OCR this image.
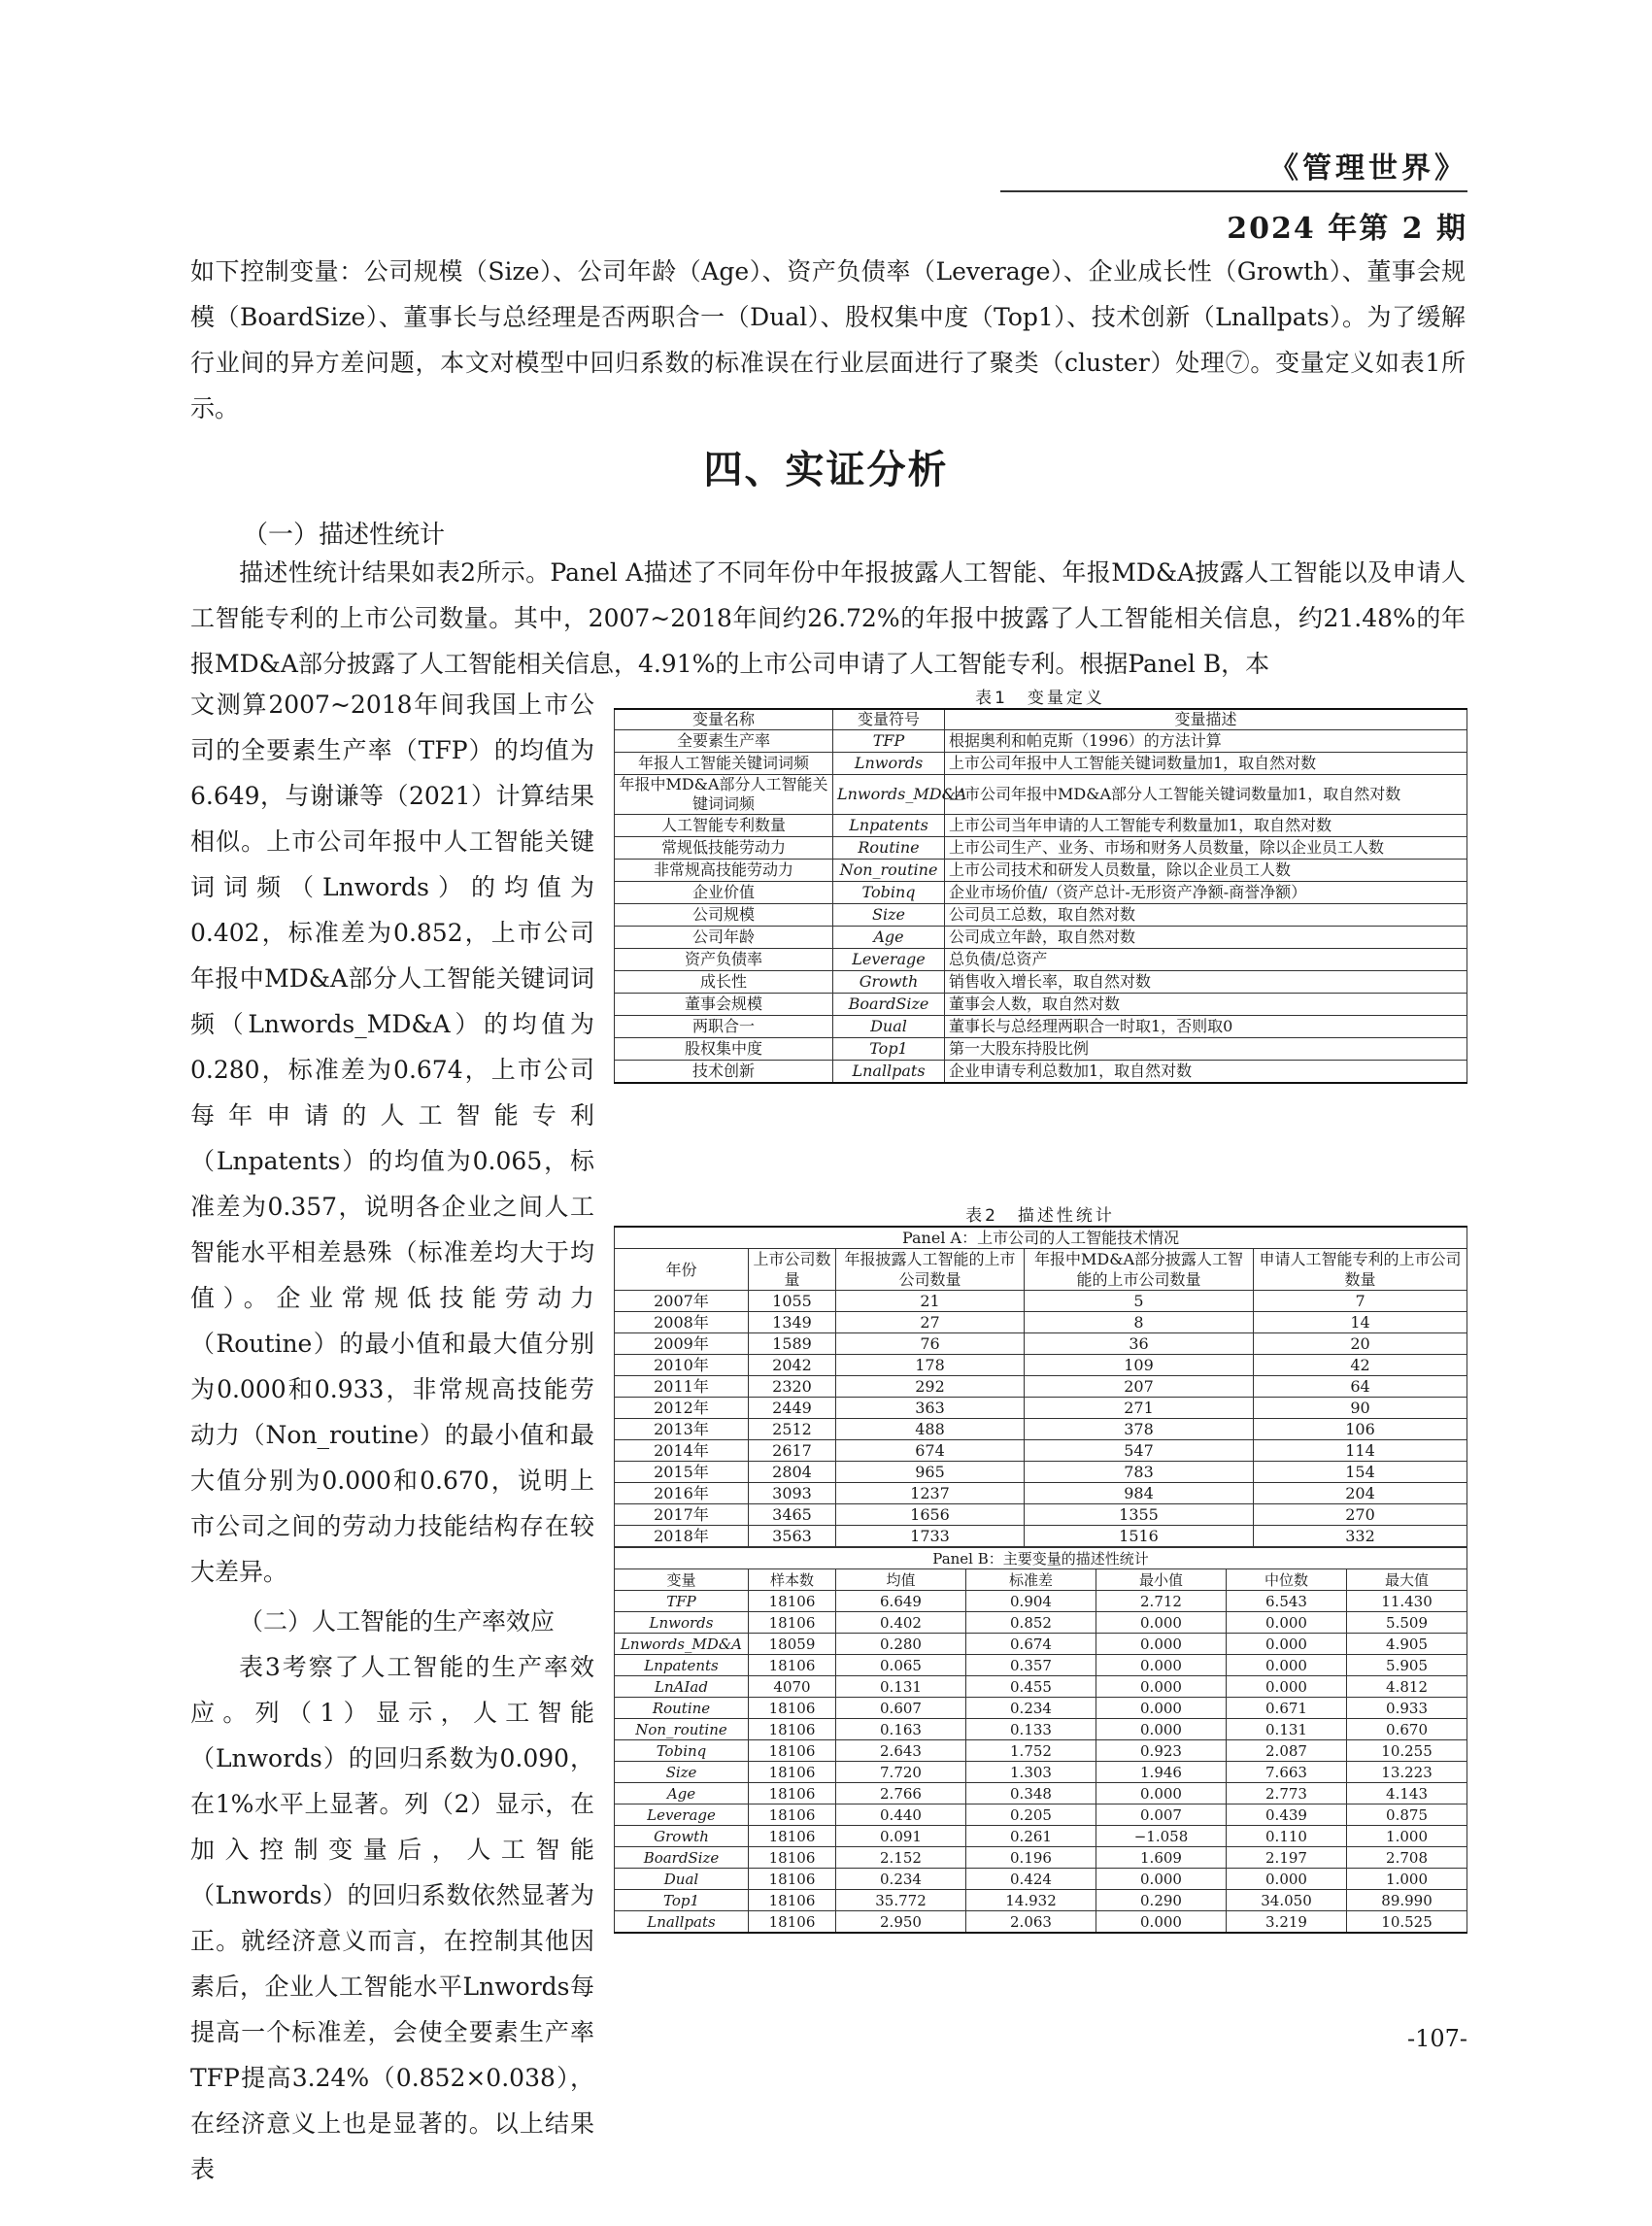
《管理世界》
2024 年第 2 期

如下控制变量：公司规模（Size）、公司年龄（Age）、资产负债率（Leverage）、企业成长性（Growth）、董事会规模（BoardSize）、董事长与总经理是否两职合一（Dual）、股权集中度（Top1）、技术创新（Lnallpats）。为了缓解行业间的异方差问题，本文对模型中回归系数的标准误在行业层面进行了聚类（cluster）处理⑦。变量定义如表1所示。

四、实证分析
（一）描述性统计

描述性统计结果如表2所示。Panel A描述了不同年份中年报披露人工智能、年报MD&A披露人工智能以及申请人工智能专利的上市公司数量。其中，2007~2018年间约26.72%的年报中披露了人工智能相关信息，约21.48%的年报MD&A部分披露了人工智能相关信息，4.91%的上市公司申请了人工智能专利。根据Panel B，本

文测算2007~2018年间我国上市公司的全要素生产率（TFP）的均值为6.649，与谢谦等（2021）计算结果相似。上市公司年报中人工智能关键词词频（Lnwords）的均值为0.402，标准差为0.852，上市公司年报中MD&A部分人工智能关键词词频（Lnwords_MD&A）的均值为0.280，标准差为0.674，上市公司每年申请的人工智能专利（Lnpatents）的均值为0.065，标准差为0.357，说明各企业之间人工智能水平相差悬殊（标准差均大于均值）。企业常规低技能劳动力（Routine）的最小值和最大值分别为0.000和0.933，非常规高技能劳动力（Non_routine）的最小值和最大值分别为0.000和0.670，说明上市公司之间的劳动力技能结构存在较大差异。

（二）人工智能的生产率效应

表3考察了人工智能的生产率效应。列（1）显示，人工智能（Lnwords）的回归系数为0.090，在1%水平上显著。列（2）显示，在加入控制变量后，人工智能（Lnwords）的回归系数依然显著为正。就经济意义而言，在控制其他因素后，企业人工智能水平Lnwords每提高一个标准差，会使全要素生产率TFP提高3.24%（0.852×0.038），在经济意义上也是显著的。以上结果表

表1　变量定义
变量名称	变量符号	变量描述
全要素生产率	TFP	根据奥利和帕克斯（1996）的方法计算
年报人工智能关键词词频	Lnwords	上市公司年报中人工智能关键词数量加1，取自然对数
年报中MD&A部分人工智能关键词词频	Lnwords_MD&A	上市公司年报中MD&A部分人工智能关键词数量加1，取自然对数
人工智能专利数量	Lnpatents	上市公司当年申请的人工智能专利数量加1，取自然对数
常规低技能劳动力	Routine	上市公司生产、业务、市场和财务人员数量，除以企业员工人数
非常规高技能劳动力	Non_routine	上市公司技术和研发人员数量，除以企业员工人数
企业价值	Tobinq	企业市场价值/（资产总计-无形资产净额-商誉净额）
公司规模	Size	公司员工总数，取自然对数
公司年龄	Age	公司成立年龄，取自然对数
资产负债率	Leverage	总负债/总资产
成长性	Growth	销售收入增长率，取自然对数
董事会规模	BoardSize	董事会人数，取自然对数
两职合一	Dual	董事长与总经理两职合一时取1，否则取0
股权集中度	Top1	第一大股东持股比例
技术创新	Lnallpats	企业申请专利总数加1，取自然对数
表2　描述性统计
Panel A：上市公司的人工智能技术情况				
年份	上市公司数量	年报披露人工智能的上市公司数量	年报中MD&A部分披露人工智能的上市公司数量	申请人工智能专利的上市公司数量
2007年	1055	21	5	7
2008年	1349	27	8	14
2009年	1589	76	36	20
2010年	2042	178	109	42
2011年	2320	292	207	64
2012年	2449	363	271	90
2013年	2512	488	378	106
2014年	2617	674	547	114
2015年	2804	965	783	154
2016年	3093	1237	984	204
2017年	3465	1656	1355	270
2018年	3563	1733	1516	332
Panel B：主要变量的描述性统计						
变量	样本数	均值	标准差	最小值	中位数	最大值
TFP	18106	6.649	0.904	2.712	6.543	11.430
Lnwords	18106	0.402	0.852	0.000	0.000	5.509
Lnwords_MD&A	18059	0.280	0.674	0.000	0.000	4.905
Lnpatents	18106	0.065	0.357	0.000	0.000	5.905
LnAIad	4070	0.131	0.455	0.000	0.000	4.812
Routine	18106	0.607	0.234	0.000	0.671	0.933
Non_routine	18106	0.163	0.133	0.000	0.131	0.670
Tobinq	18106	2.643	1.752	0.923	2.087	10.255
Size	18106	7.720	1.303	1.946	7.663	13.223
Age	18106	2.766	0.348	0.000	2.773	4.143
Leverage	18106	0.440	0.205	0.007	0.439	0.875
Growth	18106	0.091	0.261	−1.058	0.110	1.000
BoardSize	18106	2.152	0.196	1.609	2.197	2.708
Dual	18106	0.234	0.424	0.000	0.000	1.000
Top1	18106	35.772	14.932	0.290	34.050	89.990
Lnallpats	18106	2.950	2.063	0.000	3.219	10.525
-107-
